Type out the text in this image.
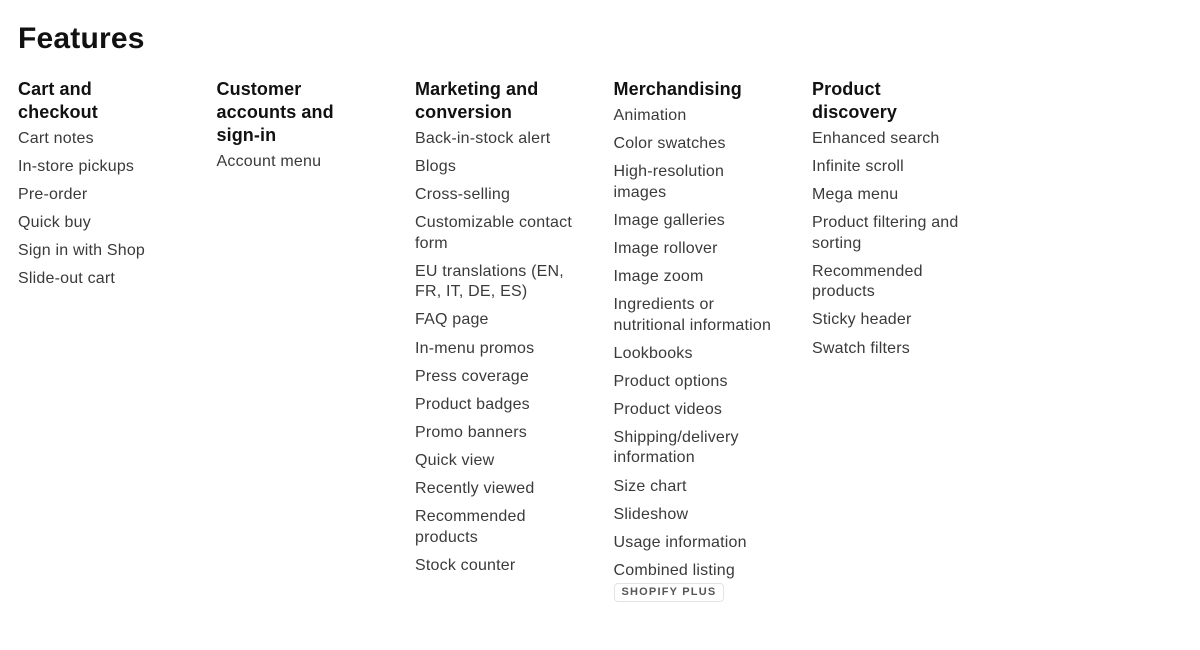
Features
Cart and checkout
Cart notes
In-store pickups
Pre-order
Quick buy
Sign in with Shop
Slide-out cart
Customer accounts and sign-in
Account menu
Marketing and conversion
Back-in-stock alert
Blogs
Cross-selling
Customizable contact form
EU translations (EN, FR, IT, DE, ES)
FAQ page
In-menu promos
Press coverage
Product badges
Promo banners
Quick view
Recently viewed
Recommended products
Stock counter
Merchandising
Animation
Color swatches
High-resolution images
Image galleries
Image rollover
Image zoom
Ingredients or nutritional information
Lookbooks
Product options
Product videos
Shipping/delivery information
Size chart
Slideshow
Usage information
Combined listing
SHOPIFY PLUS
Product discovery
Enhanced search
Infinite scroll
Mega menu
Product filtering and sorting
Recommended products
Sticky header
Swatch filters
